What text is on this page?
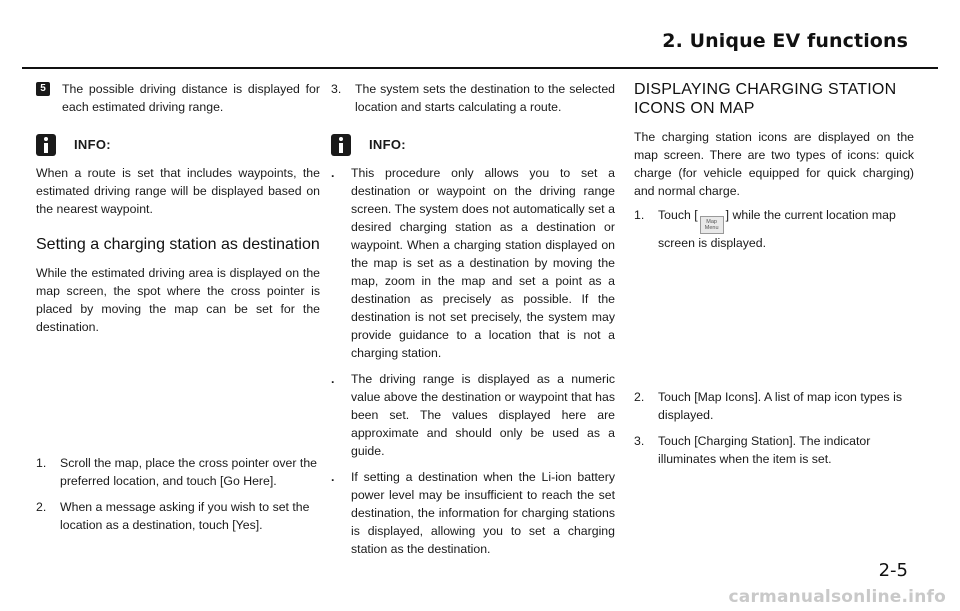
2. Unique EV functions
5	The possible driving distance is displayed for each estimated driving range.

INFO:

When a route is set that includes waypoints, the estimated driving range will be displayed based on the nearest waypoint.

Setting a charging station as destination

While the estimated driving area is displayed on the map screen, the spot where the cross pointer is placed by moving the map can be set for the destination.

1.	Scroll the map, place the cross pointer over the preferred location, and touch [Go Here].
2.	When a message asking if you wish to set the location as a destination, touch [Yes].
3.	The system sets the destination to the selected location and starts calculating a route.
INFO:
.	This procedure only allows you to set a destination or waypoint on the driving range screen. The system does not automatically set a desired charging station as a destination or waypoint. When a charging station displayed on the map is set as a destination by moving the map, zoom in the map and set a point as a destination as precisely as possible. If the destination is not set precisely, the system may provide guidance to a location that is not a charging station.
.	The driving range is displayed as a numeric value above the destination or waypoint that has been set. The values displayed here are approximate and should only be used as a guide.
.	If setting a destination when the Li-ion battery power level may be insufficient to reach the set destination, the information for charging stations is displayed, allowing you to set a charging station as the destination.
DISPLAYING CHARGING STATION ICONS ON MAP

The charging station icons are displayed on the map screen. There are two types of icons: quick charge (for vehicle equipped for quick charging) and normal charge.

1.	Touch [ Map
Menu
] while the current location map screen is displayed.
2.	Touch [Map Icons]. A list of map icon types is displayed.
3.	Touch [Charging Station]. The indicator illuminates when the item is set.
2-5
carmanualsonline.info
